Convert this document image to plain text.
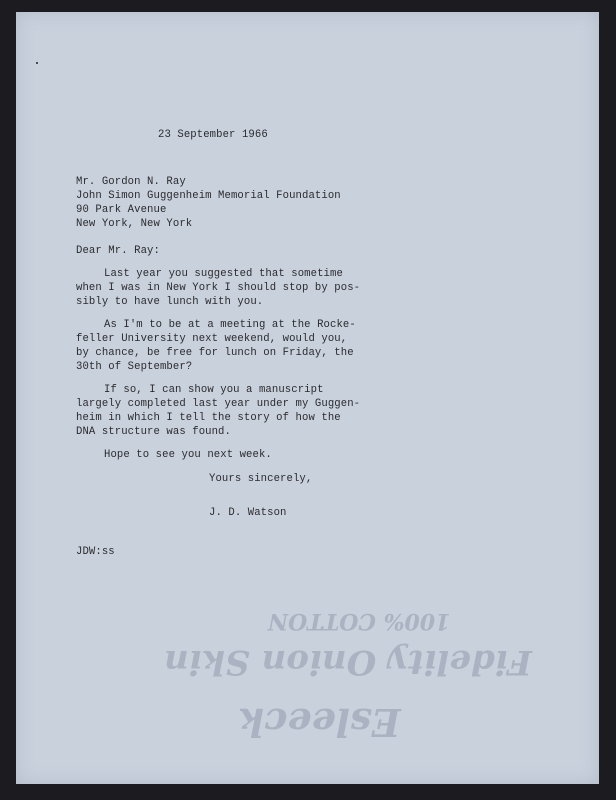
Esleeck
Fidelity Onion Skin
100% COTTON

23 September 1966

Mr. Gordon N. Ray

John Simon Guggenheim Memorial Foundation

90 Park Avenue

New York, New York

Dear Mr. Ray:

Last year you suggested that sometime

when I was in New York I should stop by pos-

sibly to have lunch with you.

As I'm to be at a meeting at the Rocke-

feller University next weekend, would you,

by chance, be free for lunch on Friday, the

30th of September?

If so, I can show you a manuscript

largely completed last year under my Guggen-

heim in which I tell the story of how the

DNA structure was found.

Hope to see you next week.

Yours sincerely,

J. D. Watson

JDW:ss
